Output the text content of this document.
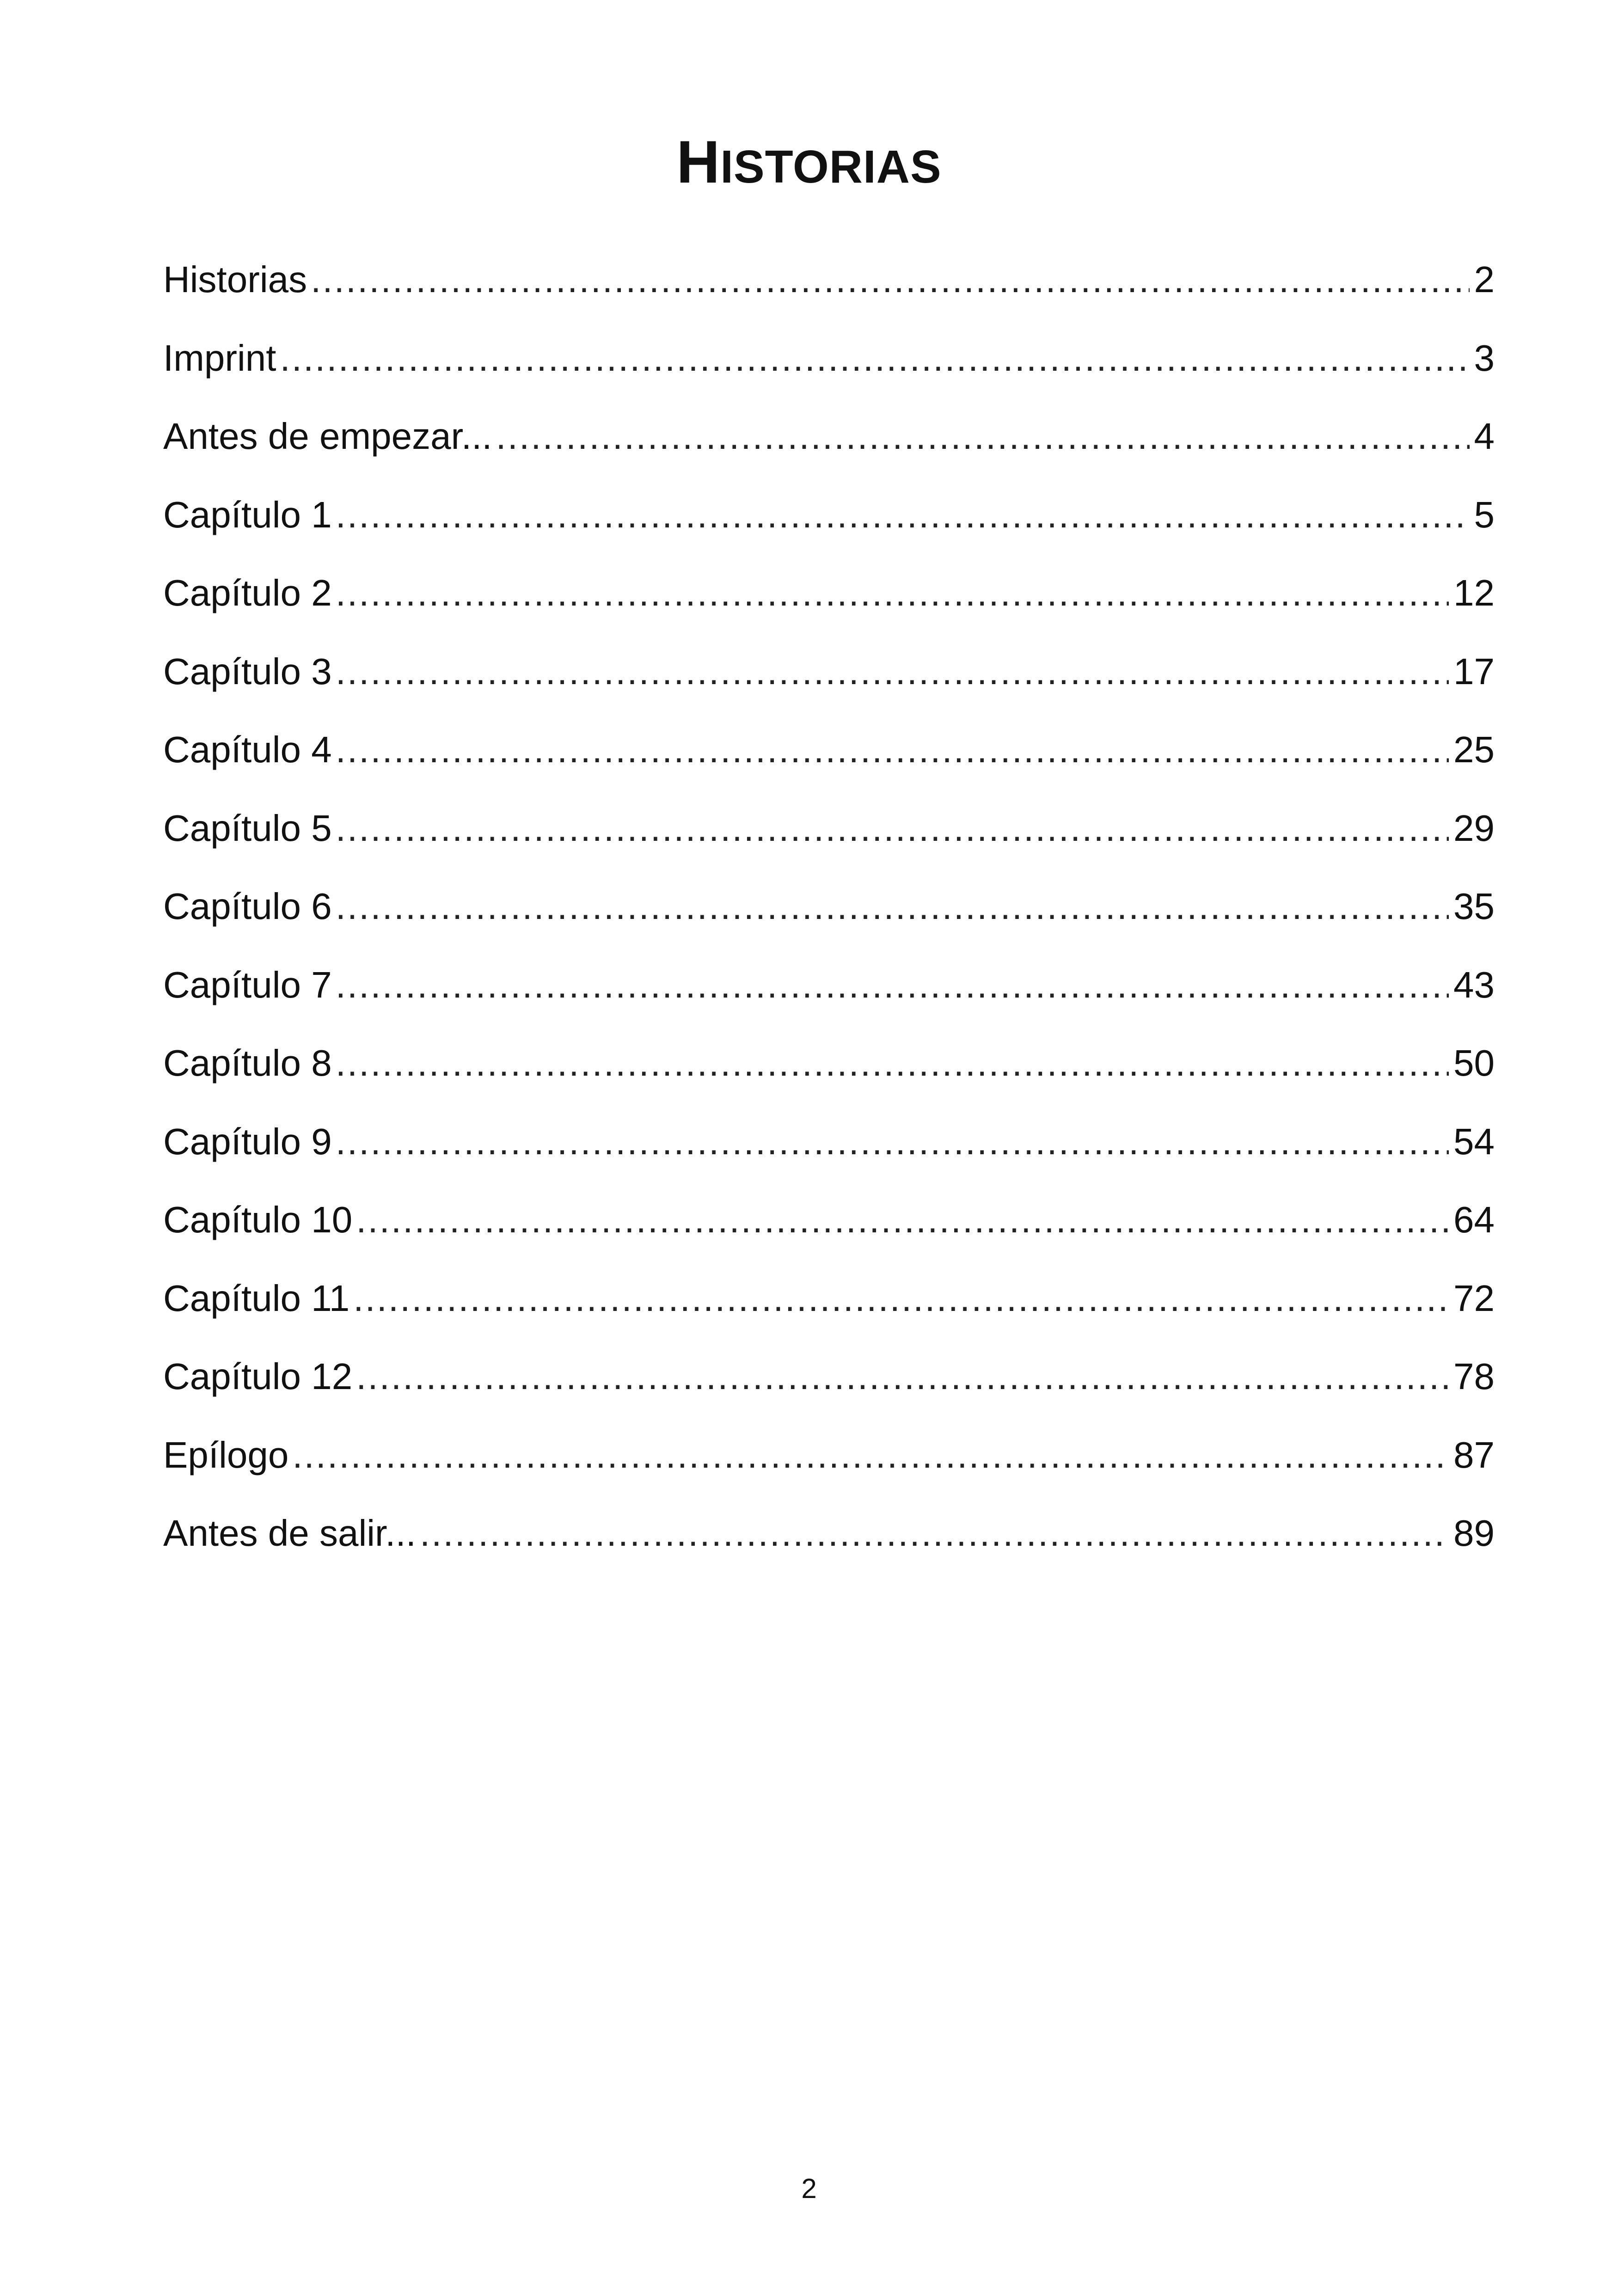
HISTORIAS
Historias .....	2
Imprint .....	3
Antes de empezar... .....	4
Capítulo 1 .....	5
Capítulo 2 .....	12
Capítulo 3 .....	17
Capítulo 4 .....	25
Capítulo 5 .....	29
Capítulo 6 .....	35
Capítulo 7 .....	43
Capítulo 8 .....	50
Capítulo 9 .....	54
Capítulo 10 .....	64
Capítulo 11 .....	72
Capítulo 12 .....	78
Epílogo .....	87
Antes de salir... .....	89
2
